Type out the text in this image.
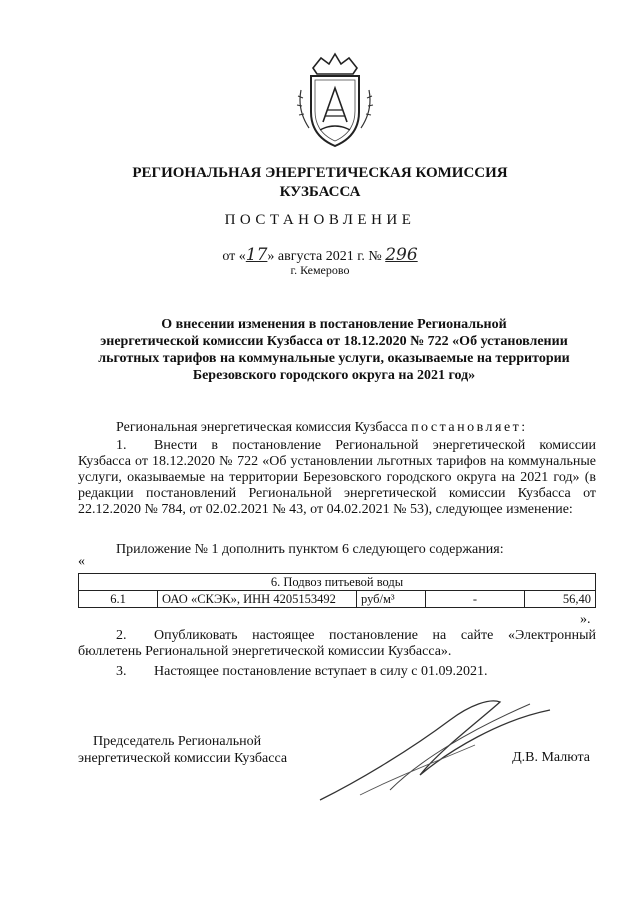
РЕГИОНАЛЬНАЯ ЭНЕРГЕТИЧЕСКАЯ КОМИССИЯ
КУЗБАССА
ПОСТАНОВЛЕНИЕ
от «17» августа 2021 г. № 296
г. Кемерово
О внесении изменения в постановление Региональной
энергетической комиссии Кузбасса от 18.12.2020 № 722 «Об установлении
льготных тарифов на коммунальные услуги, оказываемые на территории
Березовского городского округа на 2021 год»
Региональная энергетическая комиссия Кузбасса постановляет:
1. Внести в постановление Региональной энергетической комиссии Кузбасса от 18.12.2020 № 722 «Об установлении льготных тарифов на коммунальные услуги, оказываемые на территории Березовского городского округа на 2021 год» (в редакции постановлений Региональной энергетической комиссии Кузбасса от 22.12.2020 № 784, от 02.02.2021 № 43, от 04.02.2021 № 53), следующее изменение:
Приложение № 1 дополнить пунктом 6 следующего содержания:
«
6. Подвоз питьевой воды
6.1	ОАО «СКЭК», ИНН 4205153492	руб/м³	-	56,40
».
2. Опубликовать настоящее постановление на сайте «Электронный бюллетень Региональной энергетической комиссии Кузбасса».
3. Настоящее постановление вступает в силу с 01.09.2021.
Председатель Региональной
энергетической комиссии Кузбасса	Д.В. Малюта
